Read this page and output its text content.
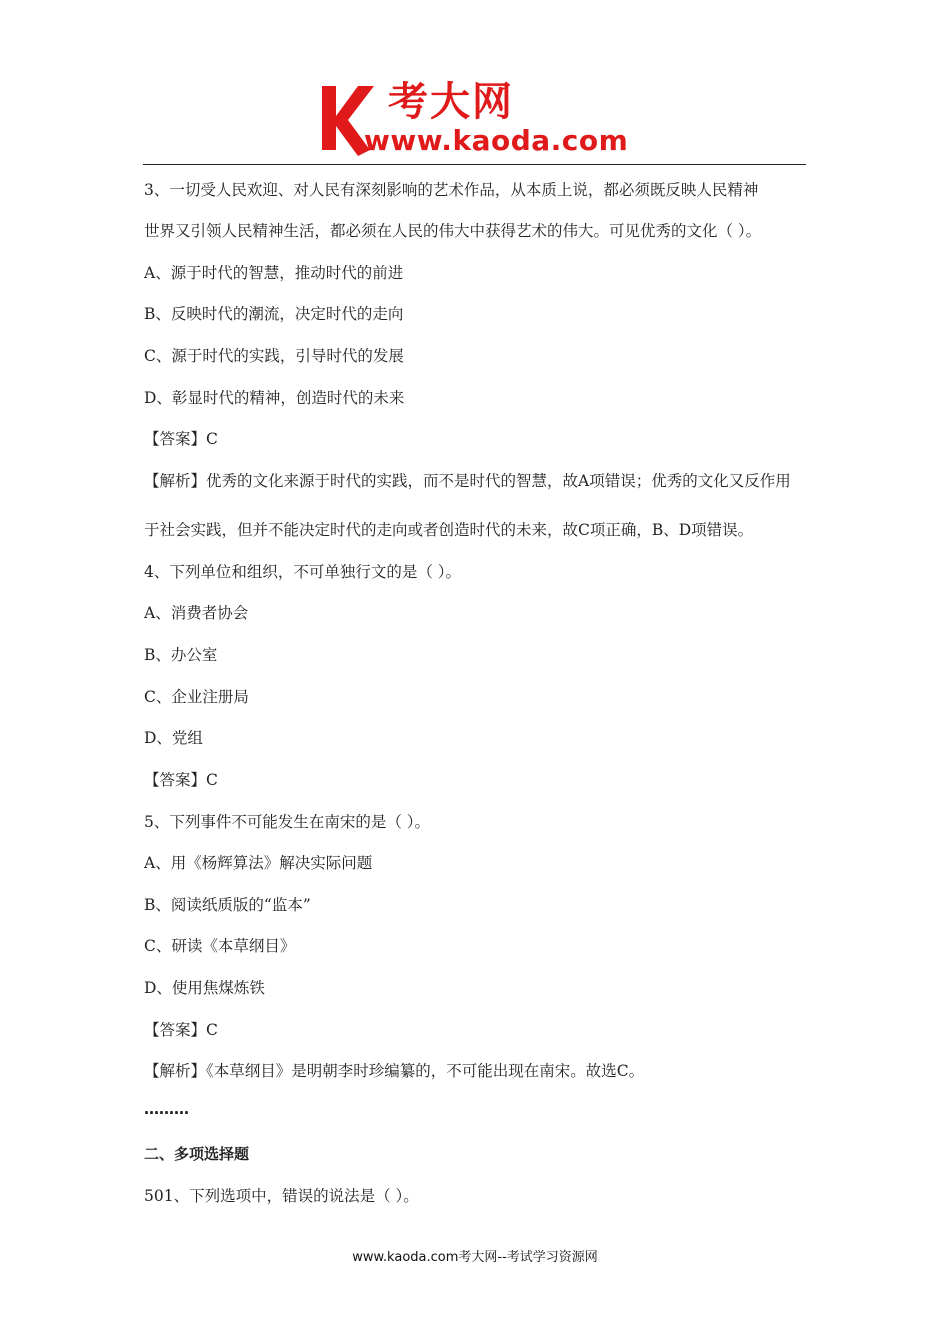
考大网
www.kaoda.com

3、一切受人民欢迎、对人民有深刻影响的艺术作品，从本质上说，都必须既反映人民精神

世界又引领人民精神生活，都必须在人民的伟大中获得艺术的伟大。可见优秀的文化（ ）。

A、源于时代的智慧，推动时代的前进

B、反映时代的潮流，决定时代的走向

C、源于时代的实践，引导时代的发展

D、彰显时代的精神，创造时代的未来

【答案】C

【解析】优秀的文化来源于时代的实践，而不是时代的智慧，故A项错误；优秀的文化又反作用

于社会实践，但并不能决定时代的走向或者创造时代的未来，故C项正确，B、D项错误。

4、下列单位和组织，不可单独行文的是（ ）。

A、消费者协会

B、办公室

C、企业注册局

D、党组

【答案】C

5、下列事件不可能发生在南宋的是（ ）。

A、用《杨辉算法》解决实际问题

B、阅读纸质版的“监本”

C、研读《本草纲目》

D、使用焦煤炼铁

【答案】C

【解析】《本草纲目》是明朝李时珍编纂的，不可能出现在南宋。故选C。

………

二、多项选择题

501、下列选项中，错误的说法是（ ）。

www.kaoda.com考大网--考试学习资源网
